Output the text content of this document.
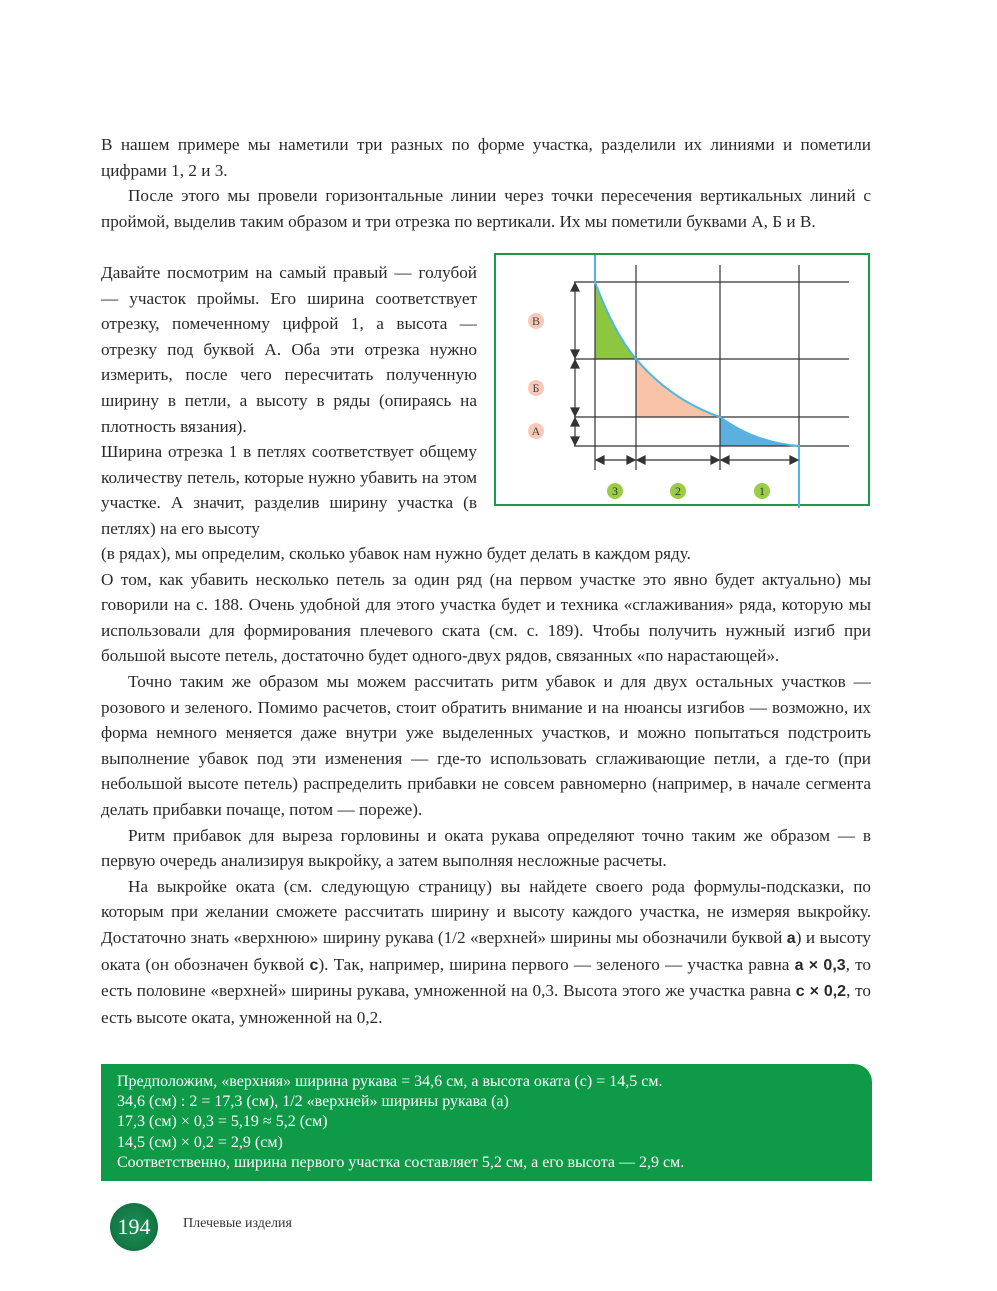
В нашем примере мы наметили три разных по форме участка, разделили их линиями и пометили цифрами 1, 2 и 3.

После этого мы провели горизонтальные линии через точки пересечения вертикальных линий с проймой, выделив таким образом и три отрезка по вертикали. Их мы пометили буквами А, Б и В.

Давайте посмотрим на самый правый — голубой — участок проймы. Его ширина соответствует отрезку, помеченному цифрой 1, а высота — отрезку под буквой А. Оба эти отрезка нужно измерить, после чего пересчитать полученную ширину в петли, а высоту в ряды (опираясь на плотность вязания).

Ширина отрезка 1 в петлях соответствует общему количеству петель, которые нужно убавить на этом участке. А значит, разделив ширину участка (в петлях) на его высоту

В
Б
А
3	2	1

(в рядах), мы определим, сколько убавок нам нужно будет делать в каждом ряду.

О том, как убавить несколько петель за один ряд (на первом участке это явно будет актуально) мы говорили на с. 188. Очень удобной для этого участка будет и техника «сглаживания» ряда, которую мы использовали для формирования плечевого ската (см. с. 189). Чтобы получить нужный изгиб при большой высоте петель, достаточно будет одного-двух рядов, связанных «по нарастающей».

Точно таким же образом мы можем рассчитать ритм убавок и для двух остальных участков — розового и зеленого. Помимо расчетов, стоит обратить внимание и на нюансы изгибов — возможно, их форма немного меняется даже внутри уже выделенных участков, и можно попытаться подстроить выполнение убавок под эти изменения — где-то использовать сглаживающие петли, а где-то (при небольшой высоте петель) распределить прибавки не совсем равномерно (например, в начале сегмента делать прибавки почаще, потом — пореже).

Ритм прибавок для выреза горловины и оката рукава определяют точно таким же образом — в первую очередь анализируя выкройку, а затем выполняя несложные расчеты.

На выкройке оката (см. следующую страницу) вы найдете своего рода формулы-подсказки, по которым при желании сможете рассчитать ширину и высоту каждого участка, не измеряя выкройку. Достаточно знать «верхнюю» ширину рукава (1/2 «верхней» ширины мы обозначили буквой а) и высоту оката (он обозначен буквой с). Так, например, ширина первого — зеленого — участка равна а × 0,3, то есть половине «верхней» ширины рукава, умноженной на 0,3. Высота этого же участка равна с × 0,2, то есть высоте оката, умноженной на 0,2.

Предположим, «верхняя» ширина рукава = 34,6 см, а высота оката (с) = 14,5 см.
34,6 (см) : 2 = 17,3 (см), 1/2 «верхней» ширины рукава (а)
17,3 (см) × 0,3 = 5,19 ≈ 5,2 (см)
14,5 (см) × 0,2 = 2,9 (см)
Соответственно, ширина первого участка составляет 5,2 см, а его высота — 2,9 см.
194 Плечевые изделия
